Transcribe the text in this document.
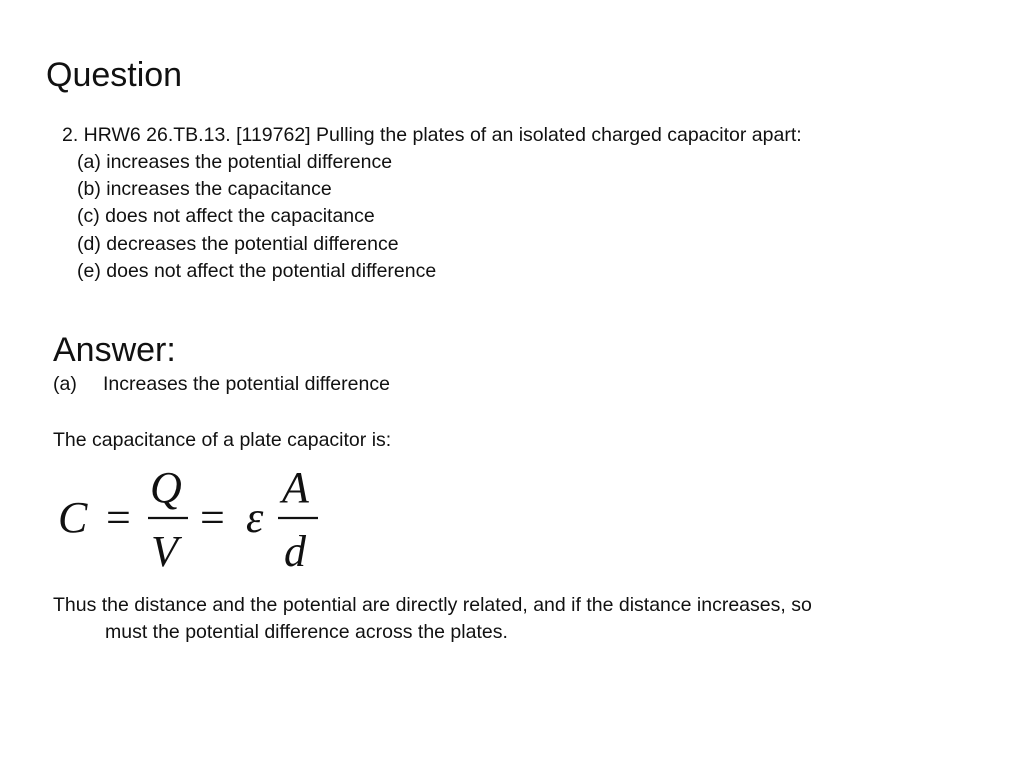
Question

2. HRW6 26.TB.13. [119762] Pulling the plates of an isolated charged capacitor apart:

(a) increases the potential difference
(b) increases the capacitance
(c) does not affect the capacitance
(d) decreases the potential difference
(e) does not affect the potential difference
Answer:
(a) Increases the potential difference

The capacitance of a plate capacitor is:

C =
Q
V
= ε
A
d

Thus the distance and the potential are directly related, and if the distance increases, so
must the potential difference across the plates.
